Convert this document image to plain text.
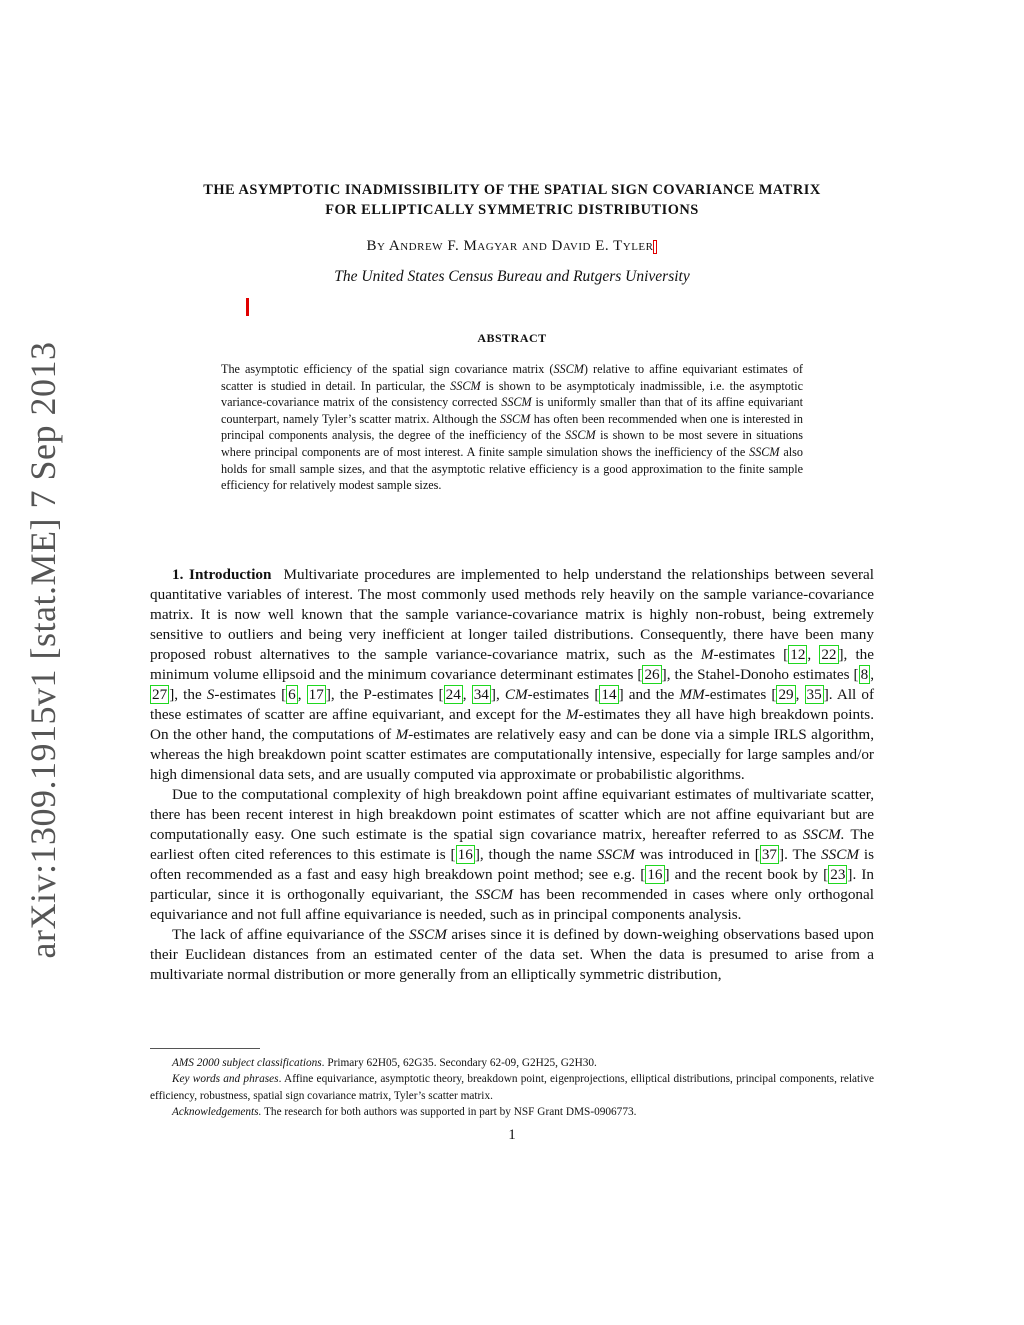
arXiv:1309.1915v1 [stat.ME] 7 Sep 2013
THE ASYMPTOTIC INADMISSIBILITY OF THE SPATIAL SIGN COVARIANCE MATRIX
FOR ELLIPTICALLY SYMMETRIC DISTRIBUTIONS
By Andrew F. Magyar and David E. Tyler
The United States Census Bureau and Rutgers University
ABSTRACT
The asymptotic efficiency of the spatial sign covariance matrix (SSCM) relative to affine equivariant estimates of scatter is studied in detail. In particular, the SSCM is shown to be asymptoticaly inadmissible, i.e. the asymptotic variance-covariance matrix of the consistency corrected SSCM is uniformly smaller than that of its affine equivariant counterpart, namely Tyler’s scatter matrix. Although the SSCM has often been recommended when one is interested in principal components analysis, the degree of the inefficiency of the SSCM is shown to be most severe in situations where principal components are of most interest. A finite sample simulation shows the inefficiency of the SSCM also holds for small sample sizes, and that the asymptotic relative efficiency is a good approximation to the finite sample efficiency for relatively modest sample sizes.

1. Introduction Multivariate procedures are implemented to help understand the relationships between several quantitative variables of interest. The most commonly used methods rely heavily on the sample variance-covariance matrix. It is now well known that the sample variance-covariance matrix is highly non-robust, being extremely sensitive to outliers and being very inefficient at longer tailed distributions. Consequently, there have been many proposed robust alternatives to the sample variance-covariance matrix, such as the M-estimates [ 12 , 22 ], the minimum volume ellipsoid and the minimum covariance determinant estimates [ 26 ], the Stahel-Donoho estimates [ 8 , 27 ], the S-estimates [ 6 , 17 ], the P-estimates [ 24 , 34 ], CM-estimates [ 14 ] and the MM-estimates [ 29 , 35 ]. All of these estimates of scatter are affine equivariant, and except for the M-estimates they all have high breakdown points. On the other hand, the computations of M-estimates are relatively easy and can be done via a simple IRLS algorithm, whereas the high breakdown point scatter estimates are computationally intensive, especially for large samples and/or high dimensional data sets, and are usually computed via approximate or probabilistic algorithms.

Due to the computational complexity of high breakdown point affine equivariant estimates of multivariate scatter, there has been recent interest in high breakdown point estimates of scatter which are not affine equivariant but are computationally easy. One such estimate is the spatial sign covariance matrix, hereafter referred to as SSCM. The earliest often cited references to this estimate is [ 16 ], though the name SSCM was introduced in [ 37 ]. The SSCM is often recommended as a fast and easy high breakdown point method; see e.g. [ 16 ] and the recent book by [ 23 ]. In particular, since it is orthogonally equivariant, the SSCM has been recommended in cases where only orthogonal equivariance and not full affine equivariance is needed, such as in principal components analysis.

The lack of affine equivariance of the SSCM arises since it is defined by down-weighing observations based upon their Euclidean distances from an estimated center of the data set. When the data is presumed to arise from a multivariate normal distribution or more generally from an elliptically symmetric distribution,

AMS 2000 subject classifications. Primary 62H05, 62G35. Secondary 62-09, G2H25, G2H30.

Key words and phrases. Affine equivariance, asymptotic theory, breakdown point, eigenprojections, elliptical distributions, principal components, relative efficiency, robustness, spatial sign covariance matrix, Tyler’s scatter matrix.

Acknowledgements. The research for both authors was supported in part by NSF Grant DMS-0906773.

1
